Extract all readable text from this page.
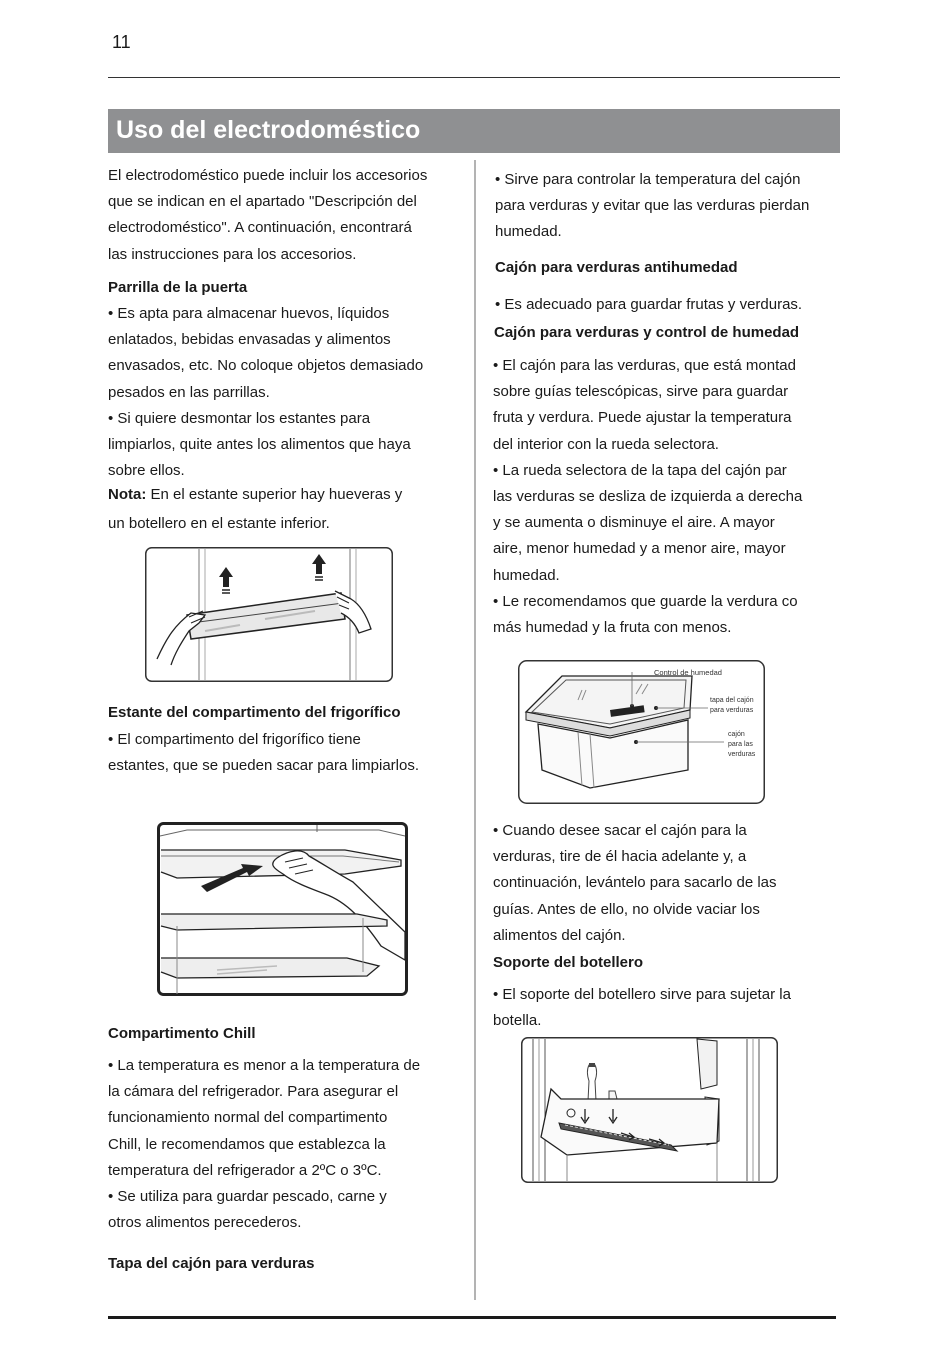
11
Uso del electrodoméstico
El electrodoméstico puede incluir los accesorios
que se indican en el apartado "Descripción del
electrodoméstico". A continuación, encontrará
las instrucciones para los accesorios.
Parrilla de la puerta
• Es apta para almacenar huevos, líquidos
enlatados, bebidas envasadas y alimentos
envasados, etc. No coloque objetos demasiado
pesados en las parrillas.
• Si quiere desmontar los estantes para
limpiarlos, quite antes los alimentos que haya
sobre ellos.
Nota: En el estante superior hay hueveras y
un botellero en el estante inferior.
Estante del compartimento del frigorífico
• El compartimento del frigorífico tiene
estantes, que se pueden sacar para limpiarlos.
Compartimento Chill
• La temperatura es menor a la temperatura de
la cámara del refrigerador. Para asegurar el
funcionamiento normal del compartimento
Chill, le recomendamos que establezca la
temperatura del refrigerador a 2ºC o 3ºC.
• Se utiliza para guardar pescado, carne y
otros alimentos perecederos.
Tapa del cajón para verduras
• Sirve para controlar la temperatura del cajón
para verduras y evitar que las verduras pierdan
humedad.
Cajón para verduras antihumedad
• Es adecuado para guardar frutas y verduras.
Cajón para verduras y control de humedad
• El cajón para las verduras, que está montad
sobre guías telescópicas, sirve para guardar
fruta y verdura. Puede ajustar la temperatura
del interior con la rueda selectora.
• La rueda selectora de la tapa del cajón par
las verduras se desliza de izquierda a derecha
y se aumenta o disminuye el aire. A mayor
aire, menor humedad y a menor aire, mayor
humedad.
• Le recomendamos que guarde la verdura co
más humedad y la fruta con menos.
Control de humedad
tapa del cajón
para verduras
cajón
para las
verduras
• Cuando desee sacar el cajón para la
verduras, tire de él hacia adelante y, a
continuación, levántelo para sacarlo de las
guías. Antes de ello, no olvide vaciar los
alimentos del cajón.
Soporte del botellero
• El soporte del botellero sirve para sujetar la
botella.
